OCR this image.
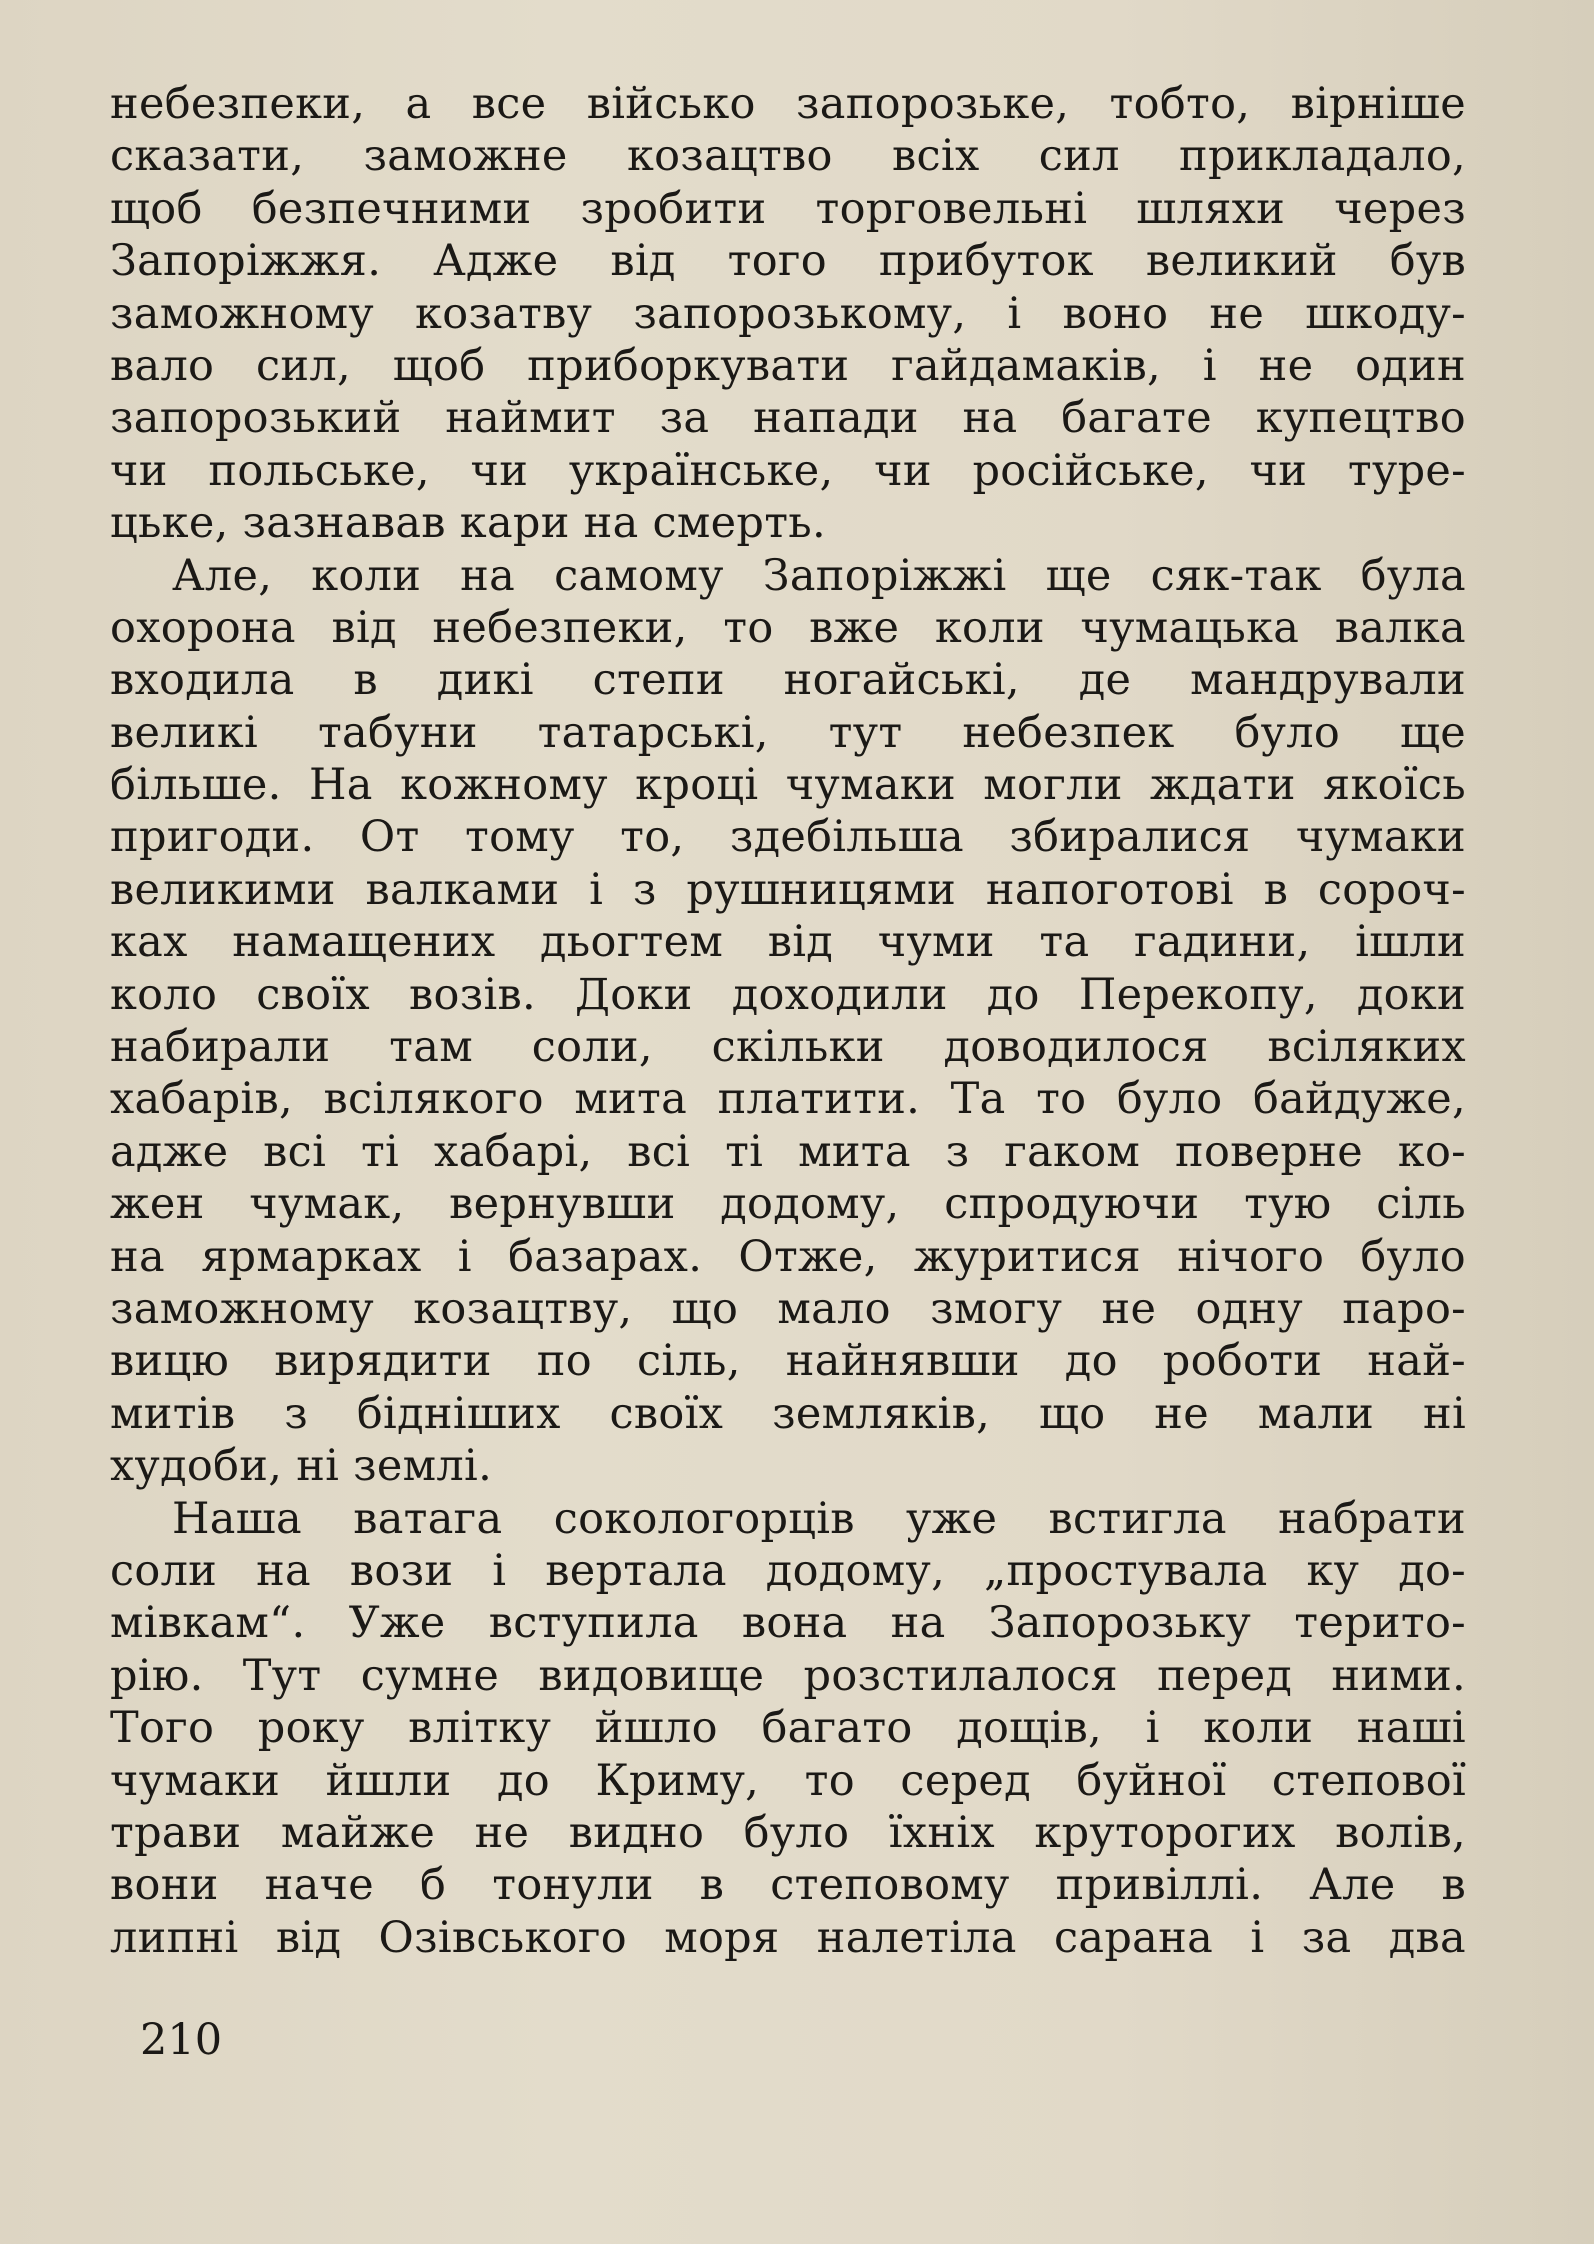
небезпеки, а все військо запорозьке, тобто, вірніше
сказати, заможне козацтво всіх сил прикладало,
щоб безпечними зробити торговельні шляхи через
Запоріжжя. Адже від того прибуток великий був
заможному козатву запорозькому, і воно не шкоду-
вало сил, щоб приборкувати гайдамаків, і не один
запорозький наймит за напади на багате купецтво
чи польське, чи українське, чи російське, чи туре-
цьке, зазнавав кари на смерть.
Але, коли на самому Запоріжжі ще сяк-так була
охорона від небезпеки, то вже коли чумацька валка
входила в дикі степи ногайські, де мандрували
великі табуни татарські, тут небезпек було ще
більше. На кожному кроці чумаки могли ждати якоїсь
пригоди. От тому то, здебільша збиралися чумаки
великими валками і з рушницями напоготові в сороч-
ках намащених дьогтем від чуми та гадини, ішли
коло своїх возів. Доки доходили до Перекопу, доки
набирали там соли, скільки доводилося всіляких
хабарів, всілякого мита платити. Та то було байдуже,
адже всі ті хабарі, всі ті мита з гаком поверне ко-
жен чумак, вернувши додому, спродуючи тую сіль
на ярмарках і базарах. Отже, журитися нічого було
заможному козацтву, що мало змогу не одну паро-
вицю вирядити по сіль, найнявши до роботи най-
митів з бідніших своїх земляків, що не мали ні
худоби, ні землі.
Наша ватага сокологорців уже встигла набрати
соли на вози і вертала додому, „простувала ку до-
мівкам“. Уже вступила вона на Запорозьку терито-
рію. Тут сумне видовище розстилалося перед ними.
Того року влітку йшло багато дощів, і коли наші
чумаки йшли до Криму, то серед буйної степової
трави майже не видно було їхніх круторогих волів,
вони наче б тонули в степовому привіллі. Але в
липні від Озівського моря налетіла сарана і за два
210
